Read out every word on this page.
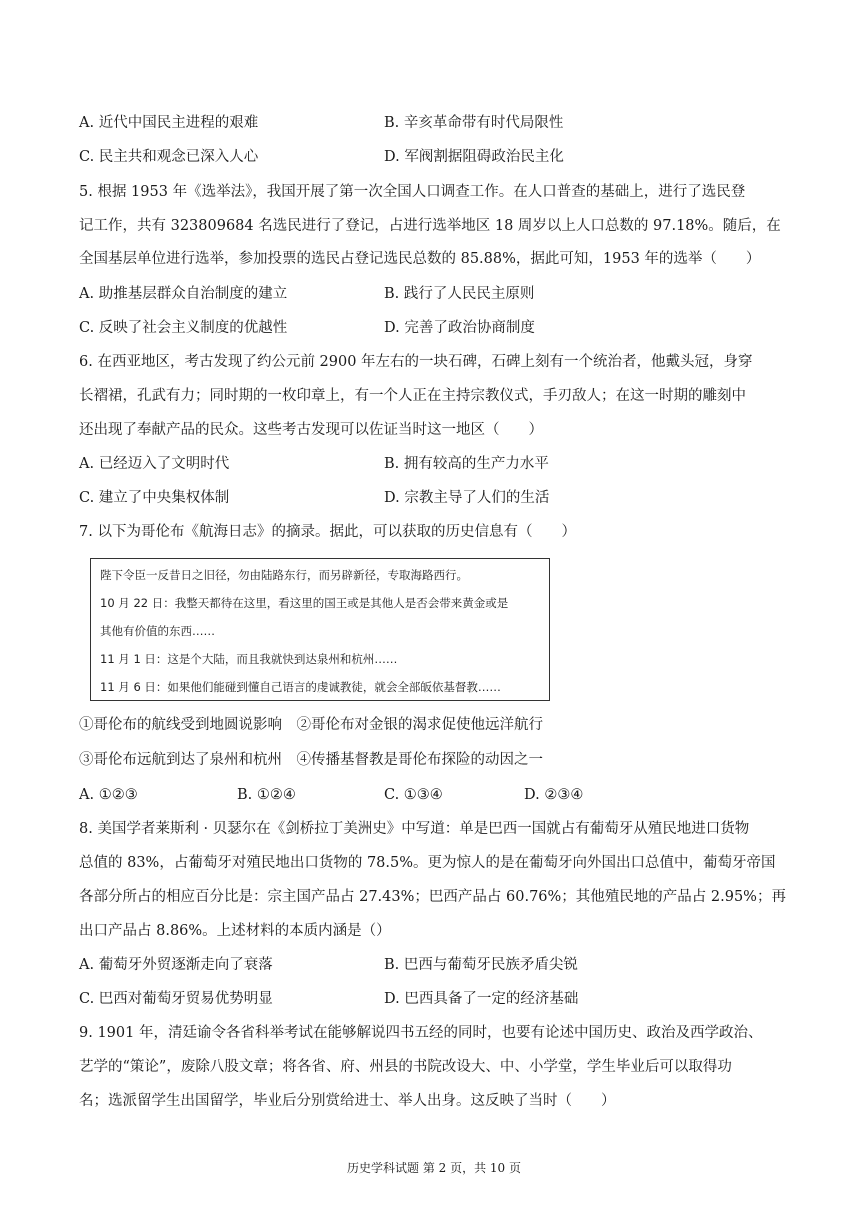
A. 近代中国民主进程的艰难	B. 辛亥革命带有时代局限性
C. 民主共和观念已深入人心	D. 军阀割据阻碍政治民主化
5. 根据 1953 年《选举法》，我国开展了第一次全国人口调查工作。在人口普查的基础上，进行了选民登
记工作，共有 323809684 名选民进行了登记，占进行选举地区 18 周岁以上人口总数的 97.18%。随后，在
全国基层单位进行选举，参加投票的选民占登记选民总数的 85.88%，据此可知，1953 年的选举（　　）
A. 助推基层群众自治制度的建立	B. 践行了人民民主原则
C. 反映了社会主义制度的优越性	D. 完善了政治协商制度
6. 在西亚地区，考古发现了约公元前 2900 年左右的一块石碑，石碑上刻有一个统治者，他戴头冠，身穿
长褶裙，孔武有力；同时期的一枚印章上，有一个人正在主持宗教仪式，手刃敌人；在这一时期的雕刻中
还出现了奉献产品的民众。这些考古发现可以佐证当时这一地区（　　）
A. 已经迈入了文明时代	B. 拥有较高的生产力水平
C. 建立了中央集权体制	D. 宗教主导了人们的生活
7. 以下为哥伦布《航海日志》的摘录。据此，可以获取的历史信息有（　　）
陛下令臣一反昔日之旧径，勿由陆路东行，而另辟新径，专取海路西行。
10 月 22 日：我整天都待在这里，看这里的国王或是其他人是否会带来黄金或是
其他有价值的东西……
11 月 1 日：这是个大陆，而且我就快到达泉州和杭州……
11 月 6 日：如果他们能碰到懂自己语言的虔诚教徒，就会全部皈依基督教……
①哥伦布的航线受到地圆说影响　②哥伦布对金银的渴求促使他远洋航行
③哥伦布远航到达了泉州和杭州　④传播基督教是哥伦布探险的动因之一
A. ①②③	B. ①②④	C. ①③④	D. ②③④
8. 美国学者莱斯利 · 贝瑟尔在《剑桥拉丁美洲史》中写道：单是巴西一国就占有葡萄牙从殖民地进口货物
总值的 83%，占葡萄牙对殖民地出口货物的 78.5%。更为惊人的是在葡萄牙向外国出口总值中，葡萄牙帝国
各部分所占的相应百分比是：宗主国产品占 27.43%；巴西产品占 60.76%；其他殖民地的产品占 2.95%；再
出口产品占 8.86%。上述材料的本质内涵是（）
A. 葡萄牙外贸逐渐走向了衰落	B. 巴西与葡萄牙民族矛盾尖锐
C. 巴西对葡萄牙贸易优势明显	D. 巴西具备了一定的经济基础
9. 1901 年，清廷谕令各省科举考试在能够解说四书五经的同时，也要有论述中国历史、政治及西学政治、
艺学的“策论”，废除八股文章；将各省、府、州县的书院改设大、中、小学堂，学生毕业后可以取得功
名；选派留学生出国留学，毕业后分别赏给进士、举人出身。这反映了当时（　　）
历史学科试题 第 2 页，共 10 页
